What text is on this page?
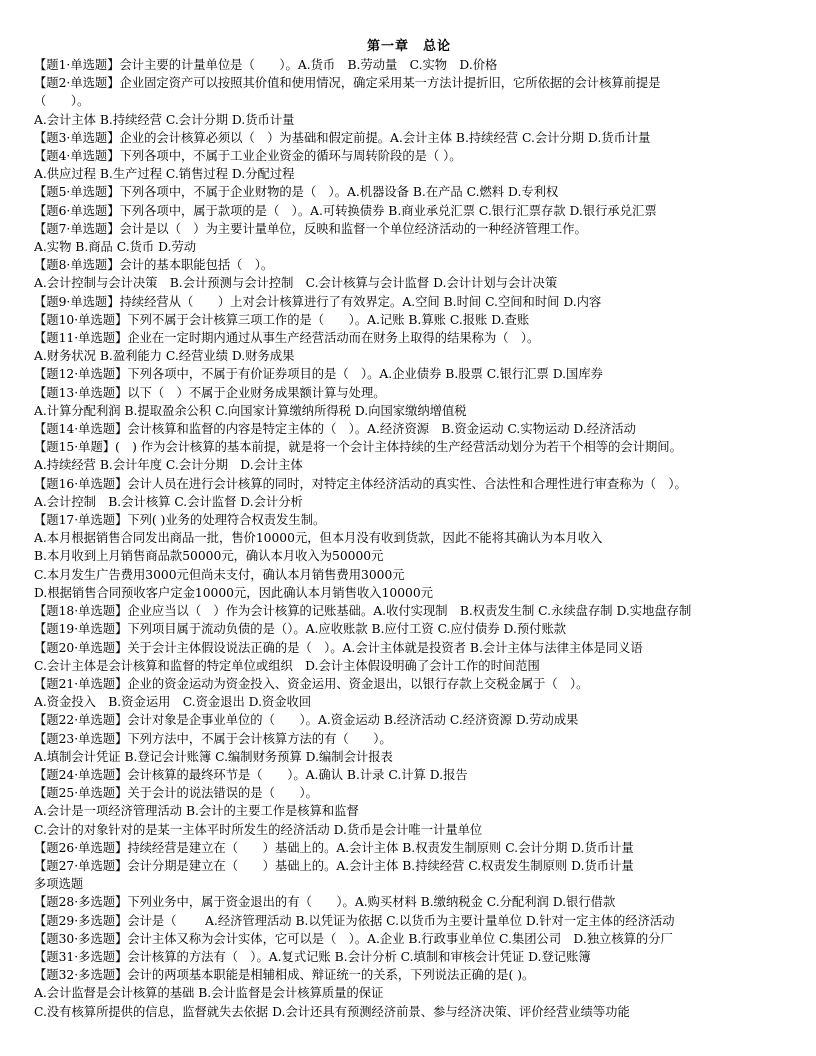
第一章　总论
【题1·单选题】会计主要的计量单位是（　　）。A.货币　B.劳动量　C.实物　D.价格
【题2·单选题】企业固定资产可以按照其价值和使用情况，确定采用某一方法计提折旧，它所依据的会计核算前提是
（　　）。
A.会计主体 B.持续经营 C.会计分期 D.货币计量
【题3·单选题】企业的会计核算必须以（　）为基础和假定前提。A.会计主体 B.持续经营 C.会计分期 D.货币计量
【题4·单选题】下列各项中，不属于工业企业资金的循环与周转阶段的是（ ）。
A.供应过程 B.生产过程 C.销售过程 D.分配过程
【题5·单选题】下列各项中，不属于企业财物的是（　）。A.机器设备 B.在产品 C.燃料 D.专利权
【题6·单选题】下列各项中，属于款项的是（　）。A.可转换债券 B.商业承兑汇票 C.银行汇票存款 D.银行承兑汇票
【题7·单选题】会计是以（　）为主要计量单位，反映和监督一个单位经济活动的一种经济管理工作。
A.实物 B.商品 C.货币 D.劳动
【题8·单选题】会计的基本职能包括（　）。
A.会计控制与会计决策　B.会计预测与会计控制　C.会计核算与会计监督 D.会计计划与会计决策
【题9·单选题】持续经营从（　　）上对会计核算进行了有效界定。A.空间 B.时间 C.空间和时间 D.内容
【题10·单选题】下列不属于会计核算三项工作的是（　　）。A.记账 B.算账 C.报账 D.查账
【题11·单选题】企业在一定时期内通过从事生产经营活动而在财务上取得的结果称为（　）。
A.财务状况 B.盈利能力 C.经营业绩 D.财务成果
【题12·单选题】下列各项中，不属于有价证券项目的是（　）。A.企业债券 B.股票 C.银行汇票 D.国库券
【题13·单选题】以下（　）不属于企业财务成果额计算与处理。
A.计算分配利润 B.提取盈余公积 C.向国家计算缴纳所得税 D.向国家缴纳增值税
【题14·单选题】会计核算和监督的内容是特定主体的（　）。A.经济资源　B.资金运动 C.实物运动 D.经济活动
【题15·单题】(　) 作为会计核算的基本前提，就是将一个会计主体持续的生产经营活动划分为若干个相等的会计期间。
A.持续经营 B.会计年度 C.会计分期　D.会计主体
【题16·单选题】会计人员在进行会计核算的同时，对特定主体经济活动的真实性、合法性和合理性进行审查称为（　）。
A.会计控制　B.会计核算 C.会计监督 D.会计分析
【题17·单选题】下列( )业务的处理符合权责发生制。
A.本月根据销售合同发出商品一批，售价10000元，但本月没有收到货款，因此不能将其确认为本月收入
B.本月收到上月销售商品款50000元，确认本月收入为50000元
C.本月发生广告费用3000元但尚未支付，确认本月销售费用3000元
D.根据销售合同预收客户定金10000元，因此确认本月销售收入10000元
【题18·单选题】企业应当以（　）作为会计核算的记账基础。A.收付实现制　B.权责发生制 C.永续盘存制 D.实地盘存制
【题19·单选题】下列项目属于流动负债的是（）。A.应收账款 B.应付工资 C.应付债券 D.预付账款
【题20·单选题】关于会计主体假设说法正确的是（　）。A.会计主体就是投资者 B.会计主体与法律主体是同义语
C.会计主体是会计核算和监督的特定单位或组织　D.会计主体假设明确了会计工作的时间范围
【题21·单选题】企业的资金运动为资金投入、资金运用、资金退出，以银行存款上交税金属于（　）。
A.资金投入　B.资金运用　C.资金退出 D.资金收回
【题22·单选题】会计对象是企事业单位的（　　）。A.资金运动 B.经济活动 C.经济资源 D.劳动成果
【题23·单选题】下列方法中，不属于会计核算方法的有（　　）。
A.填制会计凭证 B.登记会计账簿 C.编制财务预算 D.编制会计报表
【题24·单选题】会计核算的最终环节是（　　）。A.确认 B.计录 C.计算 D.报告
【题25·单选题】关于会计的说法错误的是（　　）。
A.会计是一项经济管理活动 B.会计的主要工作是核算和监督
C.会计的对象针对的是某一主体平时所发生的经济活动 D.货币是会计唯一计量单位
【题26·单选题】持续经营是建立在（　　）基础上的。A.会计主体 B.权责发生制原则 C.会计分期 D.货币计量
【题27·单选题】会计分期是建立在（　　）基础上的。A.会计主体 B.持续经营 C.权责发生制原则 D.货币计量
多项选题
【题28·多选题】下列业务中，属于资金退出的有（　　）。A.购买材料 B.缴纳税金 C.分配利润 D.银行借款
【题29·多选题】会计是（　　 A.经济管理活动 B.以凭证为依据 C.以货币为主要计量单位 D.针对一定主体的经济活动
【题30·多选题】会计主体又称为会计实体，它可以是（　）。A.企业 B.行政事业单位 C.集团公司　D.独立核算的分厂
【题31·多选题】会计核算的方法有（　）。A.复式记账 B.会计分析 C.填制和审核会计凭证 D.登记账簿
【题32·多选题】会计的两项基本职能是相辅相成、辩证统一的关系，下列说法正确的是( )。
A.会计监督是会计核算的基础 B.会计监督是会计核算质量的保证
C.没有核算所提供的信息，监督就失去依据 D.会计还具有预测经济前景、参与经济决策、评价经营业绩等功能
